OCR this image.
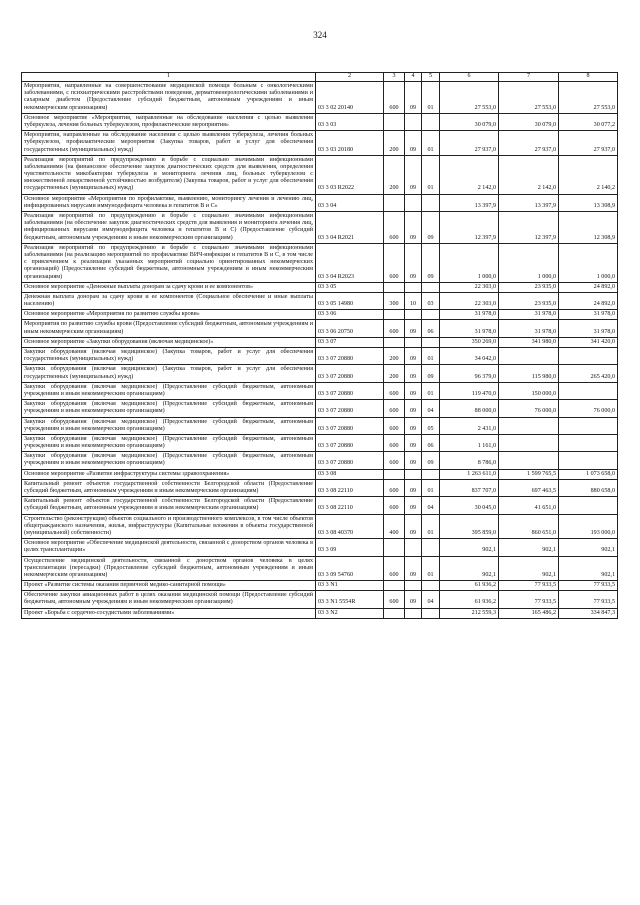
324
1	2	3	4	5	6	7	8
Мероприятия, направленные на совершенствование медицинской помощи больным с онкологическими заболеваниями, с психиатрическими расстройствами поведения, дерматовенерологическими заболеваниями и сахарным диабетом (Предоставление субсидий бюджетным, автономным учреждениям и иным некоммерческим организациям)	03 3 02 20140	600	09	01	27 553,0	27 553,0	27 553,0
Основное мероприятие «Мероприятия, направленные на обследование населения с целью выявления туберкулеза, лечения больных туберкулезом, профилактические мероприятия»	03 3 03				30 079,0	30 079,0	30 077,2
Мероприятия, направленные на обследование населения с целью выявления туберкулеза, лечения больных туберкулезом, профилактические мероприятия (Закупка товаров, работ и услуг для обеспечения государственных (муниципальных) нужд)	03 3 03 20180	200	09	01	27 937,0	27 937,0	27 937,0
Реализация мероприятий по предупреждению и борьбе с социально значимыми инфекционными заболеваниями (на финансовое обеспечение закупок диагностических средств для выявления, определения чувствительности микобактерии туберкулеза и мониторинга лечения лиц, больных туберкулезом с множественной лекарственной устойчивостью возбудителя) (Закупка товаров, работ и услуг для обеспечения государственных (муниципальных) нужд)	03 3 03 R2022	200	09	01	2 142,0	2 142,0	2 140,2
Основное мероприятие «Мероприятия по профилактике, выявлению, мониторингу лечения и лечению лиц, инфицированных вирусами иммунодефицита человека и гепатитов В и С»	03 3 04				13 397,9	13 397,9	13 308,9
Реализация мероприятий по предупреждению и борьбе с социально значимыми инфекционными заболеваниями (на обеспечение закупок диагностических средств для выявления и мониторинга лечения лиц, инфицированных вирусами иммунодефицита человека и гепатитов В и С) (Предоставление субсидий бюджетным, автономным учреждениям и иным некоммерческим организациям)	03 3 04 R2021	600	09	09	12 397,9	12 397,9	12 308,9
Реализация мероприятий по предупреждению и борьбе с социально значимыми инфекционными заболеваниями (на реализацию мероприятий по профилактике ВИЧ-инфекции и гепатитов В и С, в том числе с привлечением к реализации указанных мероприятий социально ориентированных некоммерческих организаций) (Предоставление субсидий бюджетным, автономным учреждениям и иным некоммерческим организациям)	03 3 04 R2023	600	09	09	1 000,0	1 000,0	1 000,0
Основное мероприятие «Денежные выплаты донорам за сдачу крови и ее компонентов»	03 3 05				22 303,0	23 935,0	24 892,0
Денежная выплата донорам за сдачу крови и ее компонентов (Социальное обеспечение и иные выплаты населению)	03 3 05 14980	300	10	03	22 303,0	23 935,0	24 892,0
Основное мероприятие «Мероприятия по развитию службы крови»	03 3 06				31 978,0	31 978,0	31 978,0
Мероприятия по развитию службы крови (Предоставление субсидий бюджетным, автономным учреждениям и иным некоммерческим организациям)	03 3 06 20750	600	09	06	31 978,0	31 978,0	31 978,0
Основное мероприятие «Закупки оборудования (включая медицинское)»	03 3 07				350 269,0	341 980,0	341 420,0
Закупки оборудования (включая медицинское) (Закупка товаров, работ и услуг для обеспечения государственных (муниципальных) нужд)	03 3 07 20880	200	09	01	34 042,0		
Закупки оборудования (включая медицинское) (Закупка товаров, работ и услуг для обеспечения государственных (муниципальных) нужд)	03 3 07 20880	200	09	09	96 379,0	115 980,0	265 420,0
Закупки оборудования (включая медицинское) (Предоставление субсидий бюджетным, автономным учреждениям и иным некоммерческим организациям)	03 3 07 20880	600	09	01	119 470,0	150 000,0	
Закупки оборудования (включая медицинское) (Предоставление субсидий бюджетным, автономным учреждениям и иным некоммерческим организациям)	03 3 07 20880	600	09	04	88 000,0	76 000,0	76 000,0
Закупки оборудования (включая медицинское) (Предоставление субсидий бюджетным, автономным учреждениям и иным некоммерческим организациям)	03 3 07 20880	600	09	05	2 431,0		
Закупки оборудования (включая медицинское) (Предоставление субсидий бюджетным, автономным учреждениям и иным некоммерческим организациям)	03 3 07 20880	600	09	06	1 161,0		
Закупки оборудования (включая медицинское) (Предоставление субсидий бюджетным, автономным учреждениям и иным некоммерческим организациям)	03 3 07 20880	600	09	09	8 786,0		
Основное мероприятие «Развитие инфраструктуры системы здравоохранения»	03 3 08				1 263 611,0	1 599 765,5	1 073 658,0
Капитальный ремонт объектов государственной собственности Белгородской области (Предоставление субсидий бюджетным, автономным учреждениям и иным некоммерческим организациям)	03 3 08 22110	600	09	01	837 707,0	697 463,5	880 658,0
Капитальный ремонт объектов государственной собственности Белгородской области (Предоставление субсидий бюджетным, автономным учреждениям и иным некоммерческим организациям)	03 3 08 22110	600	09	04	30 045,0	41 651,0	
Строительство (реконструкция) объектов социального и производственного комплексов, в том числе объектов общегражданского назначения, жилья, инфраструктуры (Капитальные вложения в объекты государственной (муниципальной) собственности)	03 3 08 40370	400	09	01	395 859,0	860 651,0	193 000,0
Основное мероприятие «Обеспечение медицинской деятельности, связанной с донорством органов человека в целях трансплантации»	03 3 09				902,1	902,1	902,1
Осуществление медицинской деятельности, связанной с донорством органов человека в целях трансплантации (пересадки) (Предоставление субсидий бюджетным, автономным учреждениям и иным некоммерческим организациям)	03 3 09 54760	600	09	01	902,1	902,1	902,1
Проект «Развитие системы оказания первичной медико-санитарной помощи»	03 3 N1				61 936,2	77 933,5	77 933,5
Обеспечение закупки авиационных работ в целях оказания медицинской помощи (Предоставление субсидий бюджетным, автономным учреждениям и иным некоммерческим организациям)	03 3 N1 5554R	600	09	04	61 936,2	77 933,5	77 933,5
Проект «Борьба с сердечно-сосудистыми заболеваниями»	03 3 N2				212 559,3	165 486,2	334 847,3
